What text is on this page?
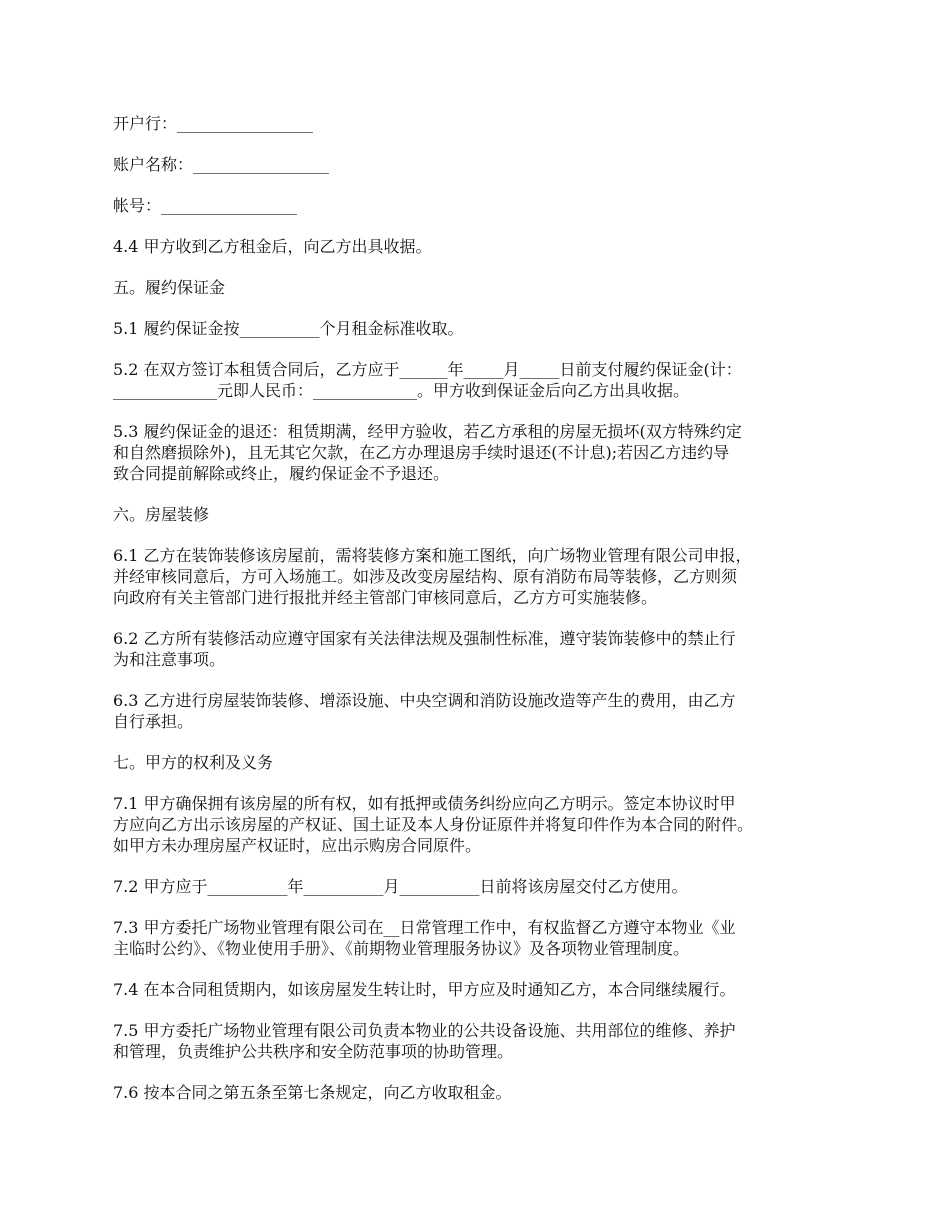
开户行：_________________
账户名称：_________________
帐号：_________________
4.4 甲方收到乙方租金后，向乙方出具收据。
五。履约保证金
5.1 履约保证金按__________个月租金标准收取。
5.2 在双方签订本租赁合同后，乙方应于______年_____月_____日前支付履约保证金(计：
_____________元即人民币：_____________。甲方收到保证金后向乙方出具收据。
5.3 履约保证金的退还：租赁期满，经甲方验收，若乙方承租的房屋无损坏(双方特殊约定
和自然磨损除外)，且无其它欠款，在乙方办理退房手续时退还(不计息);若因乙方违约导
致合同提前解除或终止，履约保证金不予退还。
六。房屋装修
6.1 乙方在装饰装修该房屋前，需将装修方案和施工图纸，向广场物业管理有限公司申报，
并经审核同意后，方可入场施工。如涉及改变房屋结构、原有消防布局等装修，乙方则须
向政府有关主管部门进行报批并经主管部门审核同意后，乙方方可实施装修。
6.2 乙方所有装修活动应遵守国家有关法律法规及强制性标准，遵守装饰装修中的禁止行
为和注意事项。
6.3 乙方进行房屋装饰装修、增添设施、中央空调和消防设施改造等产生的费用，由乙方
自行承担。
七。甲方的权利及义务
7.1 甲方确保拥有该房屋的所有权，如有抵押或债务纠纷应向乙方明示。签定本协议时甲
方应向乙方出示该房屋的产权证、国土证及本人身份证原件并将复印件作为本合同的附件。
如甲方未办理房屋产权证时，应出示购房合同原件。
7.2 甲方应于__________年__________月__________日前将该房屋交付乙方使用。
7.3 甲方委托广场物业管理有限公司在__日常管理工作中，有权监督乙方遵守本物业《业
主临时公约》、《物业使用手册》、《前期物业管理服务协议》及各项物业管理制度。
7.4 在本合同租赁期内，如该房屋发生转让时，甲方应及时通知乙方，本合同继续履行。
7.5 甲方委托广场物业管理有限公司负责本物业的公共设备设施、共用部位的维修、养护
和管理，负责维护公共秩序和安全防范事项的协助管理。
7.6 按本合同之第五条至第七条规定，向乙方收取租金。
